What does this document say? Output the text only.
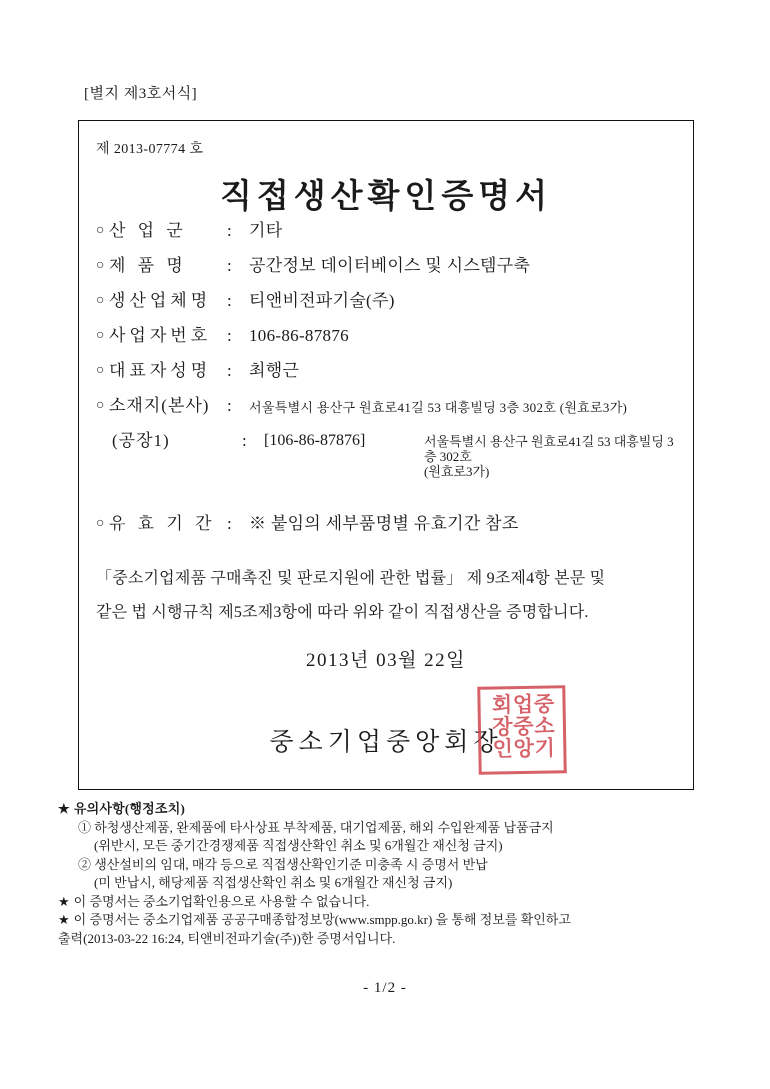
[별지 제3호서식]
제 2013-07774 호
직접생산확인증명서
○ 산 업 군	:	기타
○ 제 품 명	:	공간정보 데이터베이스 및 시스템구축
○ 생산업체명 :	티앤비전파기술(주)
○ 사업자번호 :	106-86-87876
○ 대표자성명 :	최행근
○ 소재지(본사)	:	서울특별시 용산구 원효로41길 53 대흥빌딩 3층 302호 (원효로3가)
(공장1)	:	[106-86-87876]	서울특별시 용산구 원효로41길 53 대흥빌딩 3층 302호
(원효로3가)
○ 유 효 기 간 :	※ 붙임의 세부품명별 유효기간 참조
「중소기업제품 구매촉진 및 판로지원에 관한 법률」 제 9조제4항 본문 및
같은 법 시행규칙 제5조제3항에 따라 위와 같이 직접생산을 증명합니다.
2013년 03월 22일
중소기업중앙회장	중소기업중앙회장인
★ 유의사항(행정조치)
① 하청생산제품, 완제품에 타사상표 부착제품, 대기업제품, 해외 수입완제품 납품금지
(위반시, 모든 중기간경쟁제품 직접생산확인 취소 및 6개월간 재신청 금지)
② 생산설비의 임대, 매각 등으로 직접생산확인기준 미충족 시 증명서 반납
(미 반납시, 해당제품 직접생산확인 취소 및 6개월간 재신청 금지)
★ 이 증명서는 중소기업확인용으로 사용할 수 없습니다.
★ 이 증명서는 중소기업제품 공공구매종합정보망(www.smpp.go.kr) 을 통해 정보를 확인하고
출력(2013-03-22 16:24, 티앤비전파기술(주))한 증명서입니다.
- 1/2 -
